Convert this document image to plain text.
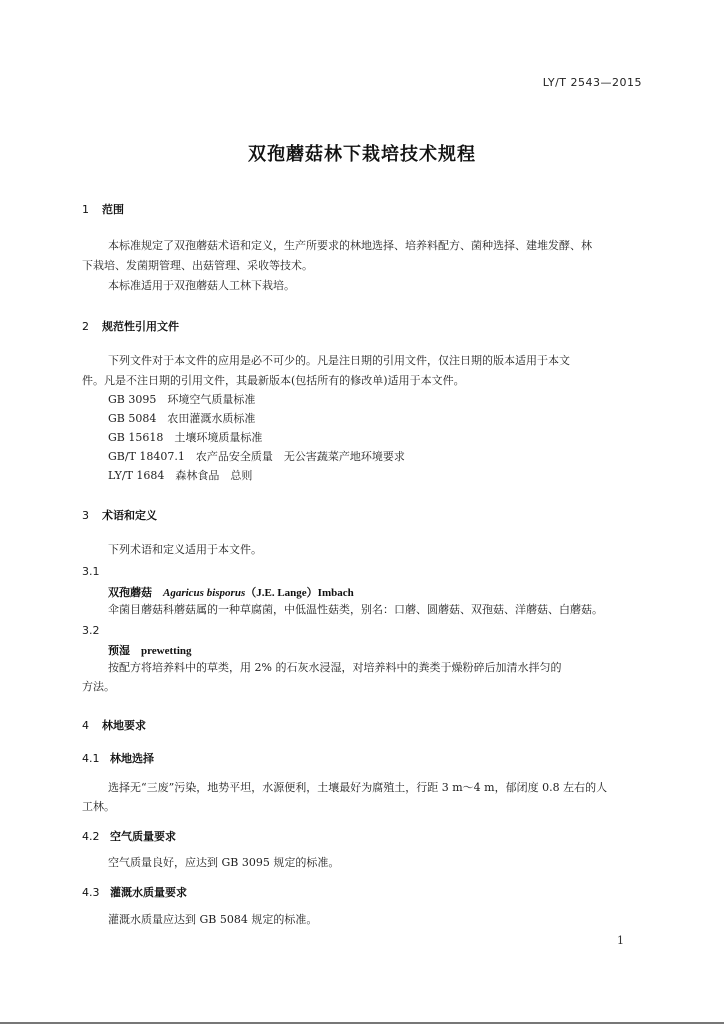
LY/T 2543—2015
双孢蘑菇林下栽培技术规程
1 范围
本标准规定了双孢蘑菇术语和定义，生产所要求的林地选择、培养料配方、菌种选择、建堆发酵、林
下栽培、发菌期管理、出菇管理、采收等技术。
本标准适用于双孢蘑菇人工林下栽培。
2 规范性引用文件
下列文件对于本文件的应用是必不可少的。凡是注日期的引用文件，仅注日期的版本适用于本文
件。凡是不注日期的引用文件，其最新版本(包括所有的修改单)适用于本文件。
GB 3095　环境空气质量标准
GB 5084　农田灌溉水质标准
GB 15618　土壤环境质量标准
GB/T 18407.1　农产品安全质量　无公害蔬菜产地环境要求
LY/T 1684　森林食品　总则
3 术语和定义
下列术语和定义适用于本文件。
3.1
双孢蘑菇  Agaricus bisporus（J.E. Lange）Imbach
伞菌目蘑菇科蘑菇属的一种草腐菌，中低温性菇类，别名：口蘑、圆蘑菇、双孢菇、洋蘑菇、白蘑菇。
3.2
预湿  prewetting
按配方将培养料中的草类，用 2% 的石灰水浸湿，对培养料中的粪类于燥粉碎后加清水拌匀的
方法。
4 林地要求
4.1 林地选择
选择无“三废”污染，地势平坦，水源便利，土壤最好为腐殖土，行距 3 m～4 m，郁闭度 0.8 左右的人
工林。
4.2 空气质量要求
空气质量良好，应达到 GB 3095 规定的标准。
4.3 灌溉水质量要求
灌溉水质量应达到 GB 5084 规定的标准。
1
